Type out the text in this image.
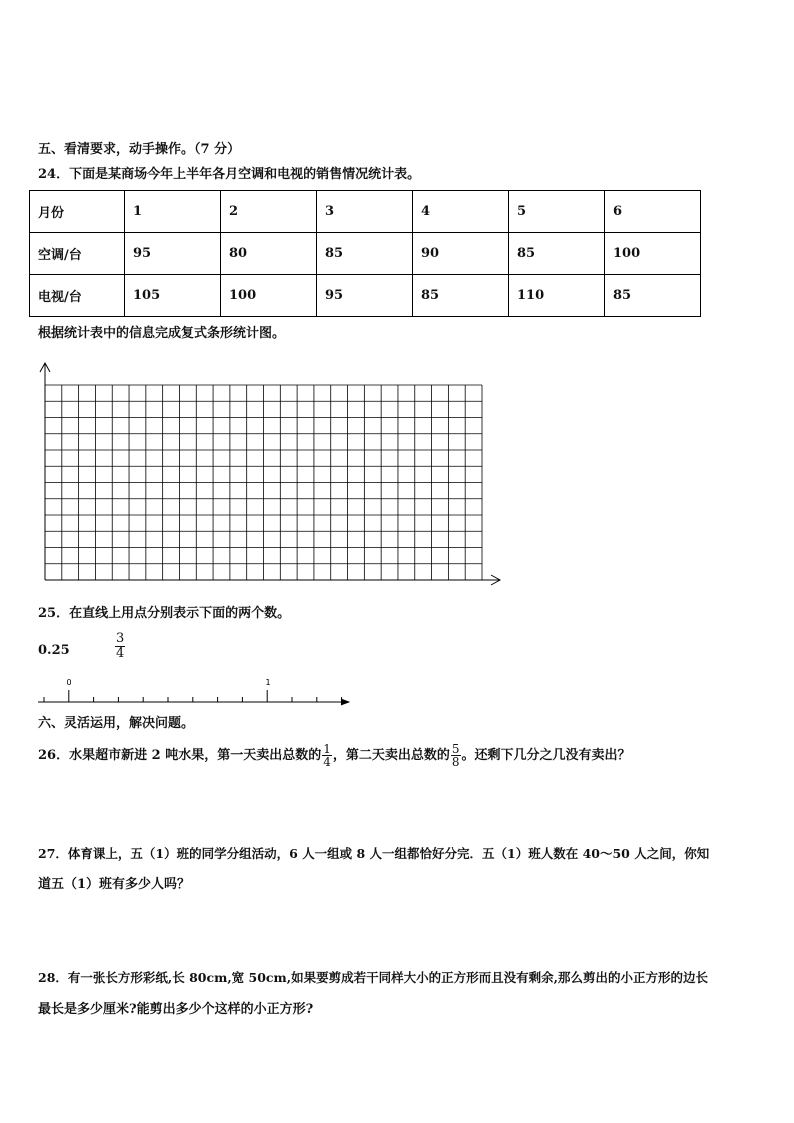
五、看清要求，动手操作。（7 分）
24．下面是某商场今年上半年各月空调和电视的销售情况统计表。
月份	1	2	3	4	5	6
空调/台	95	80	85	90	85	100
电视/台	105	100	95	85	110	85
根据统计表中的信息完成复式条形统计图。
25．在直线上用点分别表示下面的两个数。
0.25	$\frac{3}{4}$
0	1
六、灵活运用，解决问题。
26．水果超市新进 2 吨水果，第一天卖出总数的 $\frac{1}{4}$ ，第二天卖出总数的 $\frac{5}{8}$ 。还剩下几分之几没有卖出？
27．体育课上，五（1）班的同学分组活动，6 人一组或 8 人一组都恰好分完．五（1）班人数在 40～50 人之间，你知
道五（1）班有多少人吗？
28．有一张长方形彩纸,长 80cm,宽 50cm,如果要剪成若干同样大小的正方形而且没有剩余,那么剪出的小正方形的边长
最长是多少厘米?能剪出多少个这样的小正方形?
